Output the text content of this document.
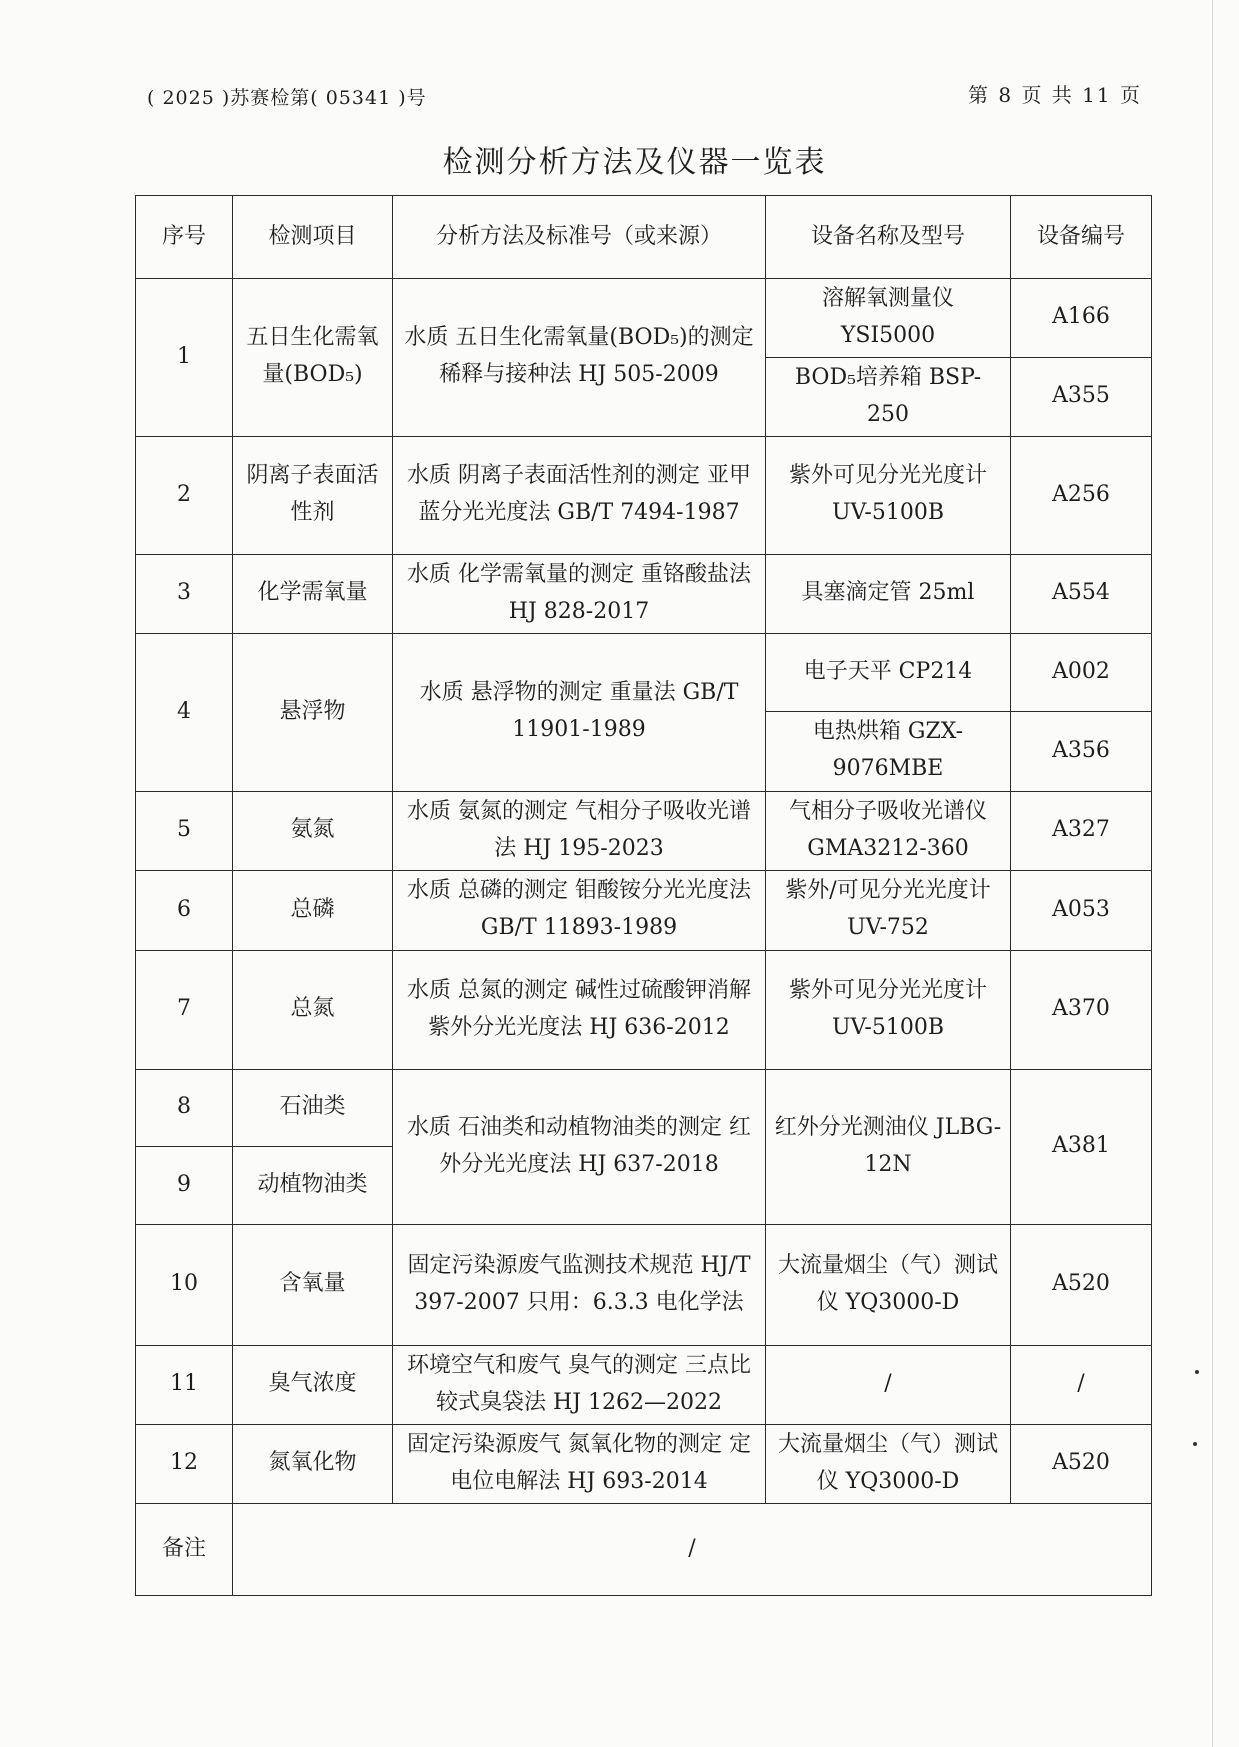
( 2025 )苏赛检第( 05341 )号	第 8 页 共 11 页
检测分析方法及仪器一览表
序号	检测项目	分析方法及标准号（或来源）	设备名称及型号	设备编号
1	五日生化需氧量(BOD₅)	水质 五日生化需氧量(BOD₅)的测定 稀释与接种法 HJ 505-2009	溶解氧测量仪 YSI5000	A166
			BOD₅培养箱 BSP-250	A355
2	阴离子表面活性剂	水质 阴离子表面活性剂的测定 亚甲蓝分光光度法 GB/T 7494-1987	紫外可见分光光度计 UV-5100B	A256
3	化学需氧量	水质 化学需氧量的测定 重铬酸盐法 HJ 828-2017	具塞滴定管 25ml	A554
4	悬浮物	水质 悬浮物的测定 重量法 GB/T 11901-1989	电子天平 CP214	A002
			电热烘箱 GZX-9076MBE	A356
5	氨氮	水质 氨氮的测定 气相分子吸收光谱法 HJ 195-2023	气相分子吸收光谱仪 GMA3212-360	A327
6	总磷	水质 总磷的测定 钼酸铵分光光度法 GB/T 11893-1989	紫外/可见分光光度计 UV-752	A053
7	总氮	水质 总氮的测定 碱性过硫酸钾消解紫外分光光度法 HJ 636-2012	紫外可见分光光度计 UV-5100B	A370
8	石油类	水质 石油类和动植物油类的测定 红外分光光度法 HJ 637-2018	红外分光测油仪 JLBG-12N	A381
9	动植物油类			
10	含氧量	固定污染源废气监测技术规范 HJ/T 397-2007 只用：6.3.3 电化学法	大流量烟尘（气）测试仪 YQ3000-D	A520
11	臭气浓度	环境空气和废气 臭气的测定 三点比较式臭袋法 HJ 1262—2022	/	/
12	氮氧化物	固定污染源废气 氮氧化物的测定 定电位电解法 HJ 693-2014	大流量烟尘（气）测试仪 YQ3000-D	A520
备注	/			
